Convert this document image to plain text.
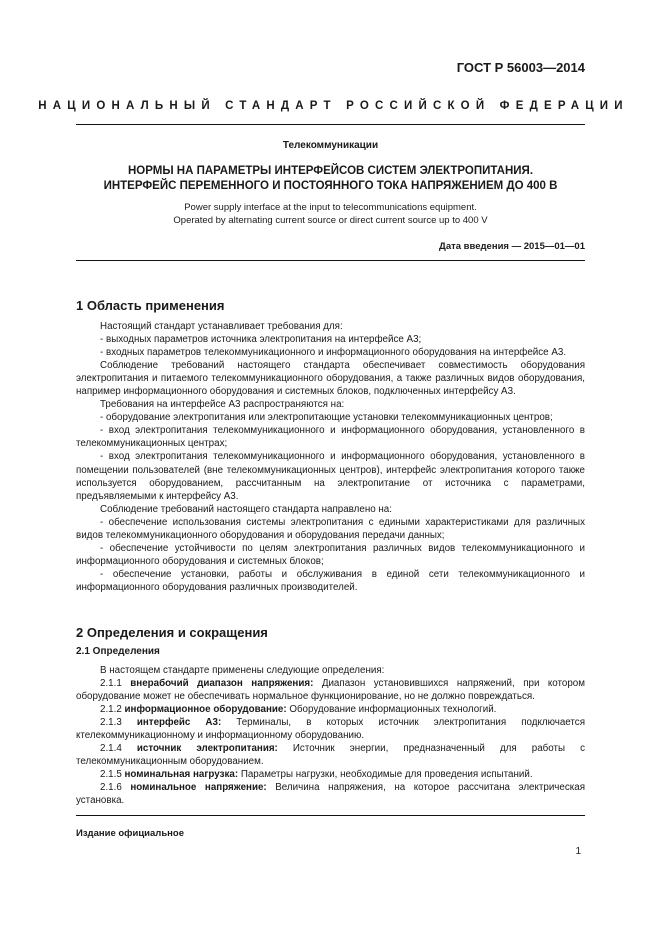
ГОСТ Р 56003—2014
НАЦИОНАЛЬНЫЙ СТАНДАРТ РОССИЙСКОЙ ФЕДЕРАЦИИ
Телекоммуникации
НОРМЫ НА ПАРАМЕТРЫ ИНТЕРФЕЙСОВ СИСТЕМ ЭЛЕКТРОПИТАНИЯ.
ИНТЕРФЕЙС ПЕРЕМЕННОГО И ПОСТОЯННОГО ТОКА НАПРЯЖЕНИЕМ ДО 400 В
Power supply interface at the input to telecommunications equipment.
Operated by alternating current source or direct current source up to 400 V
Дата введения — 2015—01—01
1 Область применения

Настоящий стандарт устанавливает требования для:

- выходных параметров источника электропитания на интерфейсе А3;

- входных параметров телекоммуникационного и информационного оборудования на интерфейсе А3.

Соблюдение требований настоящего стандарта обеспечивает совместимость оборудования электропитания и питаемого телекоммуникационного оборудования, а также различных видов оборудования, например информационного оборудования и системных блоков, подключенных интерфейсу А3.

Требования на интерфейсе А3 распространяются на:

- оборудование электропитания или электропитающие установки телекоммуникационных центров;

- вход электропитания телекоммуникационного и информационного оборудования, установленного в телекоммуникационных центрах;

- вход электропитания телекоммуникационного и информационного оборудования, установленного в помещении пользователей (вне телекоммуникационных центров), интерфейс электропитания которого также используется оборудованием, рассчитанным на электропитание от источника с параметрами, предъявляемыми к интерфейсу А3.

Соблюдение требований настоящего стандарта направлено на:

- обеспечение использования системы электропитания с едиными характеристиками для различных видов телекоммуникационного оборудования и оборудования передачи данных;

- обеспечение устойчивости по целям электропитания различных видов телекоммуникационного и информационного оборудования и системных блоков;

- обеспечение установки, работы и обслуживания в единой сети телекоммуникационного и информационного оборудования различных производителей.

2 Определения и сокращения
2.1 Определения

В настоящем стандарте применены следующие определения:

2.1.1 внерабочий диапазон напряжения: Диапазон установившихся напряжений, при котором оборудование может не обеспечивать нормальное функционирование, но не должно повреждаться.

2.1.2 информационное оборудование: Оборудование информационных технологий.

2.1.3 интерфейс А3: Терминалы, в которых источник электропитания подключается ктелекоммуникационному и информационному оборудованию.

2.1.4 источник электропитания: Источник энергии, предназначенный для работы с телекоммуникационным оборудованием.

2.1.5 номинальная нагрузка: Параметры нагрузки, необходимые для проведения испытаний.

2.1.6 номинальное напряжение: Величина напряжения, на которое рассчитана электрическая установка.

Издание официальное
1
